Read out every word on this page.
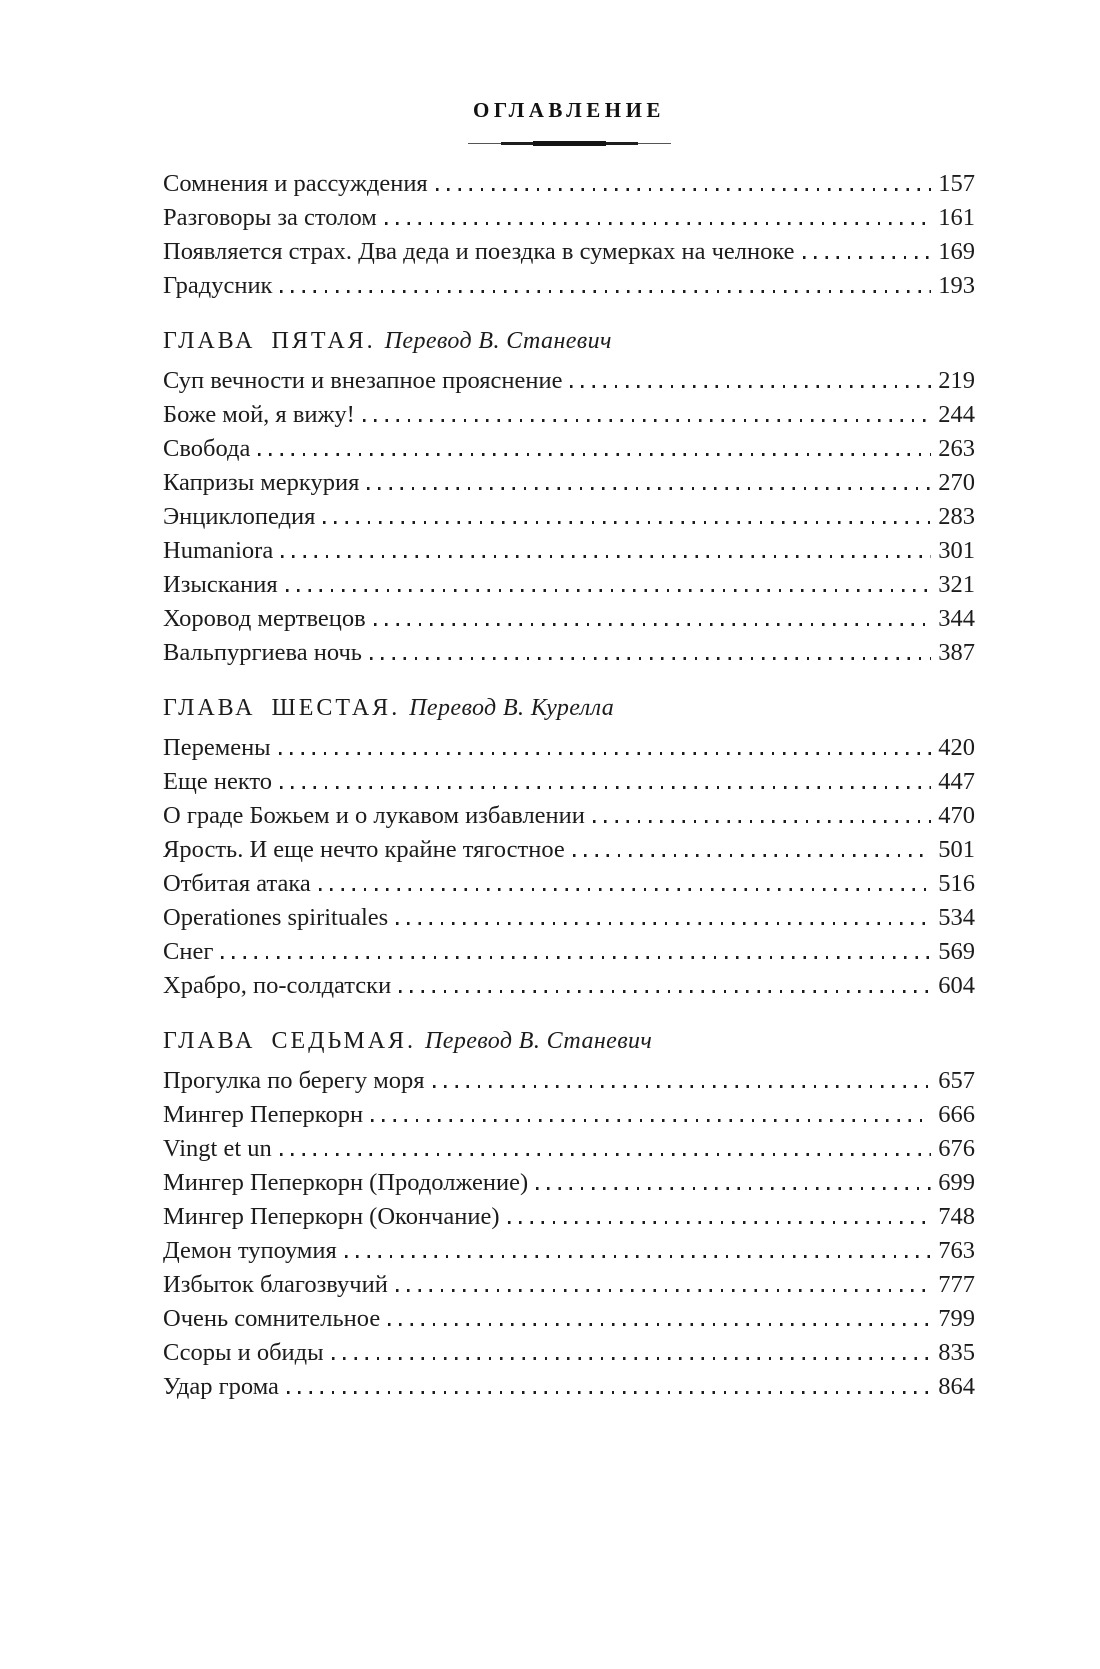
ОГЛАВЛЕНИЕ
Сомнения и рассуждения	157
Разговоры за столом	161
Появляется страх. Два деда и поездка в сумерках на челноке	169
Градусник	193
ГЛАВА ПЯТАЯ. Перевод В. Станевич
Суп вечности и внезапное прояснение	219
Боже мой, я вижу!	244
Свобода	263
Капризы меркурия	270
Энциклопедия	283
Humaniora	301
Изыскания	321
Хоровод мертвецов	344
Вальпургиева ночь	387
ГЛАВА ШЕСТАЯ. Перевод В. Курелла
Перемены	420
Еще некто	447
О граде Божьем и о лукавом избавлении	470
Ярость. И еще нечто крайне тягостное	501
Отбитая атака	516
Operationes spirituales	534
Снег	569
Храбро, по-солдатски	604
ГЛАВА СЕДЬМАЯ. Перевод В. Станевич
Прогулка по берегу моря	657
Мингер Пеперкорн	666
Vingt et un	676
Мингер Пеперкорн (Продолжение)	699
Мингер Пеперкорн (Окончание)	748
Демон тупоумия	763
Избыток благозвучий	777
Очень сомнительное	799
Ссоры и обиды	835
Удар грома	864
